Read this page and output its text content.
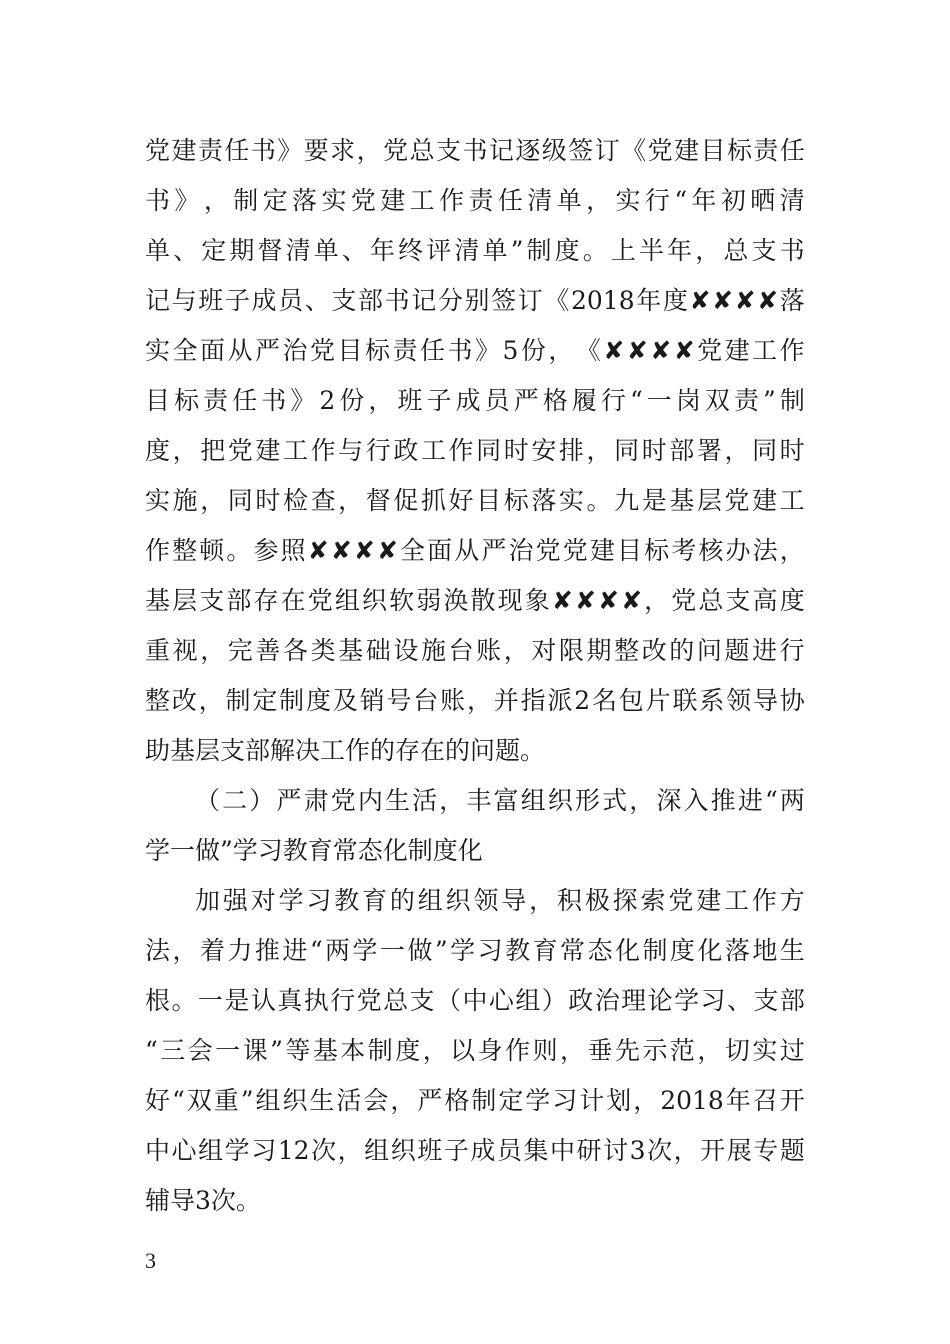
党 建 责 任 书 》 要 求 ， 党 总 支 书 记 逐 级 签 订 《 党 建 目 标 责 任
书 》 ， 制 定 落 实 党 建 工 作 责 任 清 单 ， 实 行 “ 年 初 晒 清
单 、 定 期 督 清 单 、 年 终 评 清 单 ” 制 度 。 上 半 年 ， 总 支 书
记 与 班 子 成 员 、 支 部 书 记 分 别 签 订 《 2018 年 度 ✘ ✘ ✘ ✘ 落
实 全 面 从 严 治 党 目 标 责 任 书 》 5 份 ， 《 ✘ ✘ ✘ ✘ 党 建 工 作
目 标 责 任 书 》 2 份 ， 班 子 成 员 严 格 履 行 “ 一 岗 双 责 ” 制
度 ， 把 党 建 工 作 与 行 政 工 作 同 时 安 排 ， 同 时 部 署 ， 同 时
实 施 ， 同 时 检 查 ， 督 促 抓 好 目 标 落 实 。 九 是 基 层 党 建 工
作 整 顿 。 参 照 ✘ ✘ ✘ ✘ 全 面 从 严 治 党 党 建 目 标 考 核 办 法 ，
基 层 支 部 存 在 党 组 织 软 弱 涣 散 现 象 ✘ ✘ ✘ ✘ ， 党 总 支 高 度
重 视 ， 完 善 各 类 基 础 设 施 台 账 ， 对 限 期 整 改 的 问 题 进 行
整 改 ， 制 定 制 度 及 销 号 台 账 ， 并 指 派 2 名 包 片 联 系 领 导 协
助基层支部解决工作的存在的问题。
（ 二 ） 严 肃 党 内 生 活 ， 丰 富 组 织 形 式 ， 深 入 推 进 “ 两
学一做”学习教育常态化制度化
加 强 对 学 习 教 育 的 组 织 领 导 ， 积 极 探 索 党 建 工 作 方
法 ， 着 力 推 进 “ 两 学 一 做 ” 学 习 教 育 常 态 化 制 度 化 落 地 生
根 。 一 是 认 真 执 行 党 总 支 （ 中 心 组 ） 政 治 理 论 学 习 、 支 部
“ 三 会 一 课 ” 等 基 本 制 度 ， 以 身 作 则 ， 垂 先 示 范 ， 切 实 过
好 “ 双 重 ” 组 织 生 活 会 ， 严 格 制 定 学 习 计 划 ， 2018 年 召 开
中 心 组 学 习 12 次 ， 组 织 班 子 成 员 集 中 研 讨 3 次 ， 开 展 专 题
辅导3次。
3
